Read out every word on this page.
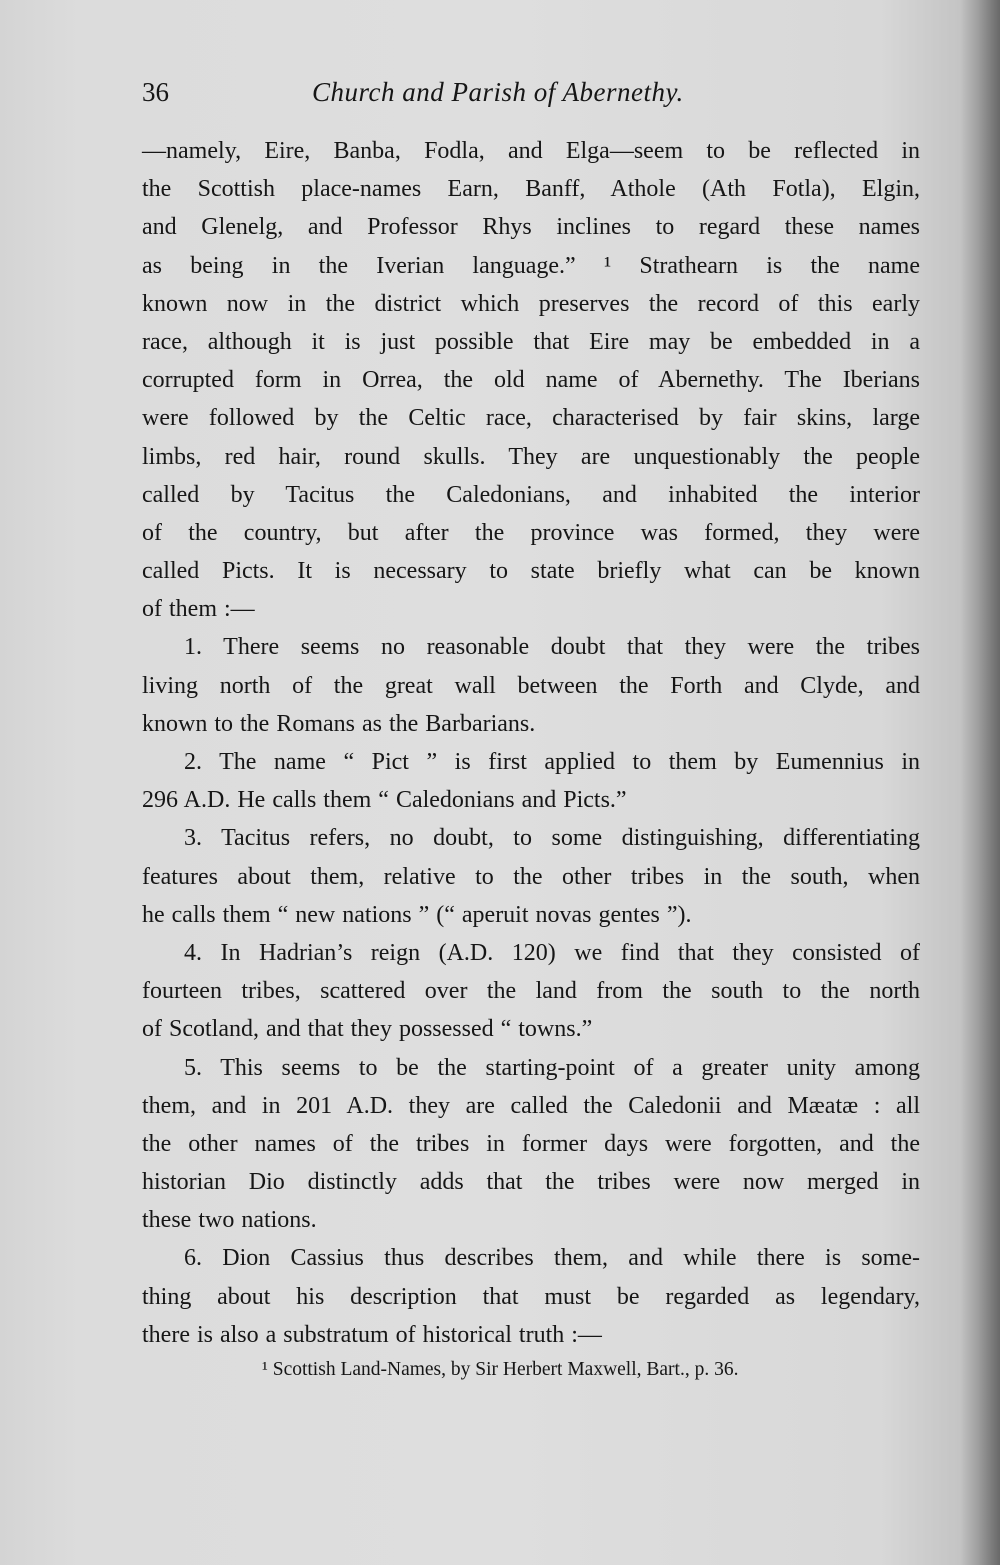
36	Church and Parish of Abernethy.
—namely, Eire, Banba, Fodla, and Elga—seem to be reflected in
the Scottish place-names Earn, Banff, Athole (Ath Fotla), Elgin,
and Glenelg, and Professor Rhys inclines to regard these names
as being in the Iverian language.” ¹ Strathearn is the name
known now in the district which preserves the record of this early
race, although it is just possible that Eire may be embedded in a
corrupted form in Orrea, the old name of Abernethy. The Iberians
were followed by the Celtic race, characterised by fair skins, large
limbs, red hair, round skulls. They are unquestionably the people
called by Tacitus the Caledonians, and inhabited the interior
of the country, but after the province was formed, they were
called Picts. It is necessary to state briefly what can be known
of them :—
1. There seems no reasonable doubt that they were the tribes
living north of the great wall between the Forth and Clyde, and
known to the Romans as the Barbarians.
2. The name “ Pict ” is first applied to them by Eumennius in
296 A.D. He calls them “ Caledonians and Picts.”
3. Tacitus refers, no doubt, to some distinguishing, differentiating
features about them, relative to the other tribes in the south, when
he calls them “ new nations ” (“ aperuit novas gentes ”).
4. In Hadrian’s reign (A.D. 120) we find that they consisted of
fourteen tribes, scattered over the land from the south to the north
of Scotland, and that they possessed “ towns.”
5. This seems to be the starting-point of a greater unity among
them, and in 201 A.D. they are called the Caledonii and Mæatæ : all
the other names of the tribes in former days were forgotten, and the
historian Dio distinctly adds that the tribes were now merged in
these two nations.
6. Dion Cassius thus describes them, and while there is some-
thing about his description that must be regarded as legendary,
there is also a substratum of historical truth :—
¹ Scottish Land-Names, by Sir Herbert Maxwell, Bart., p. 36.
